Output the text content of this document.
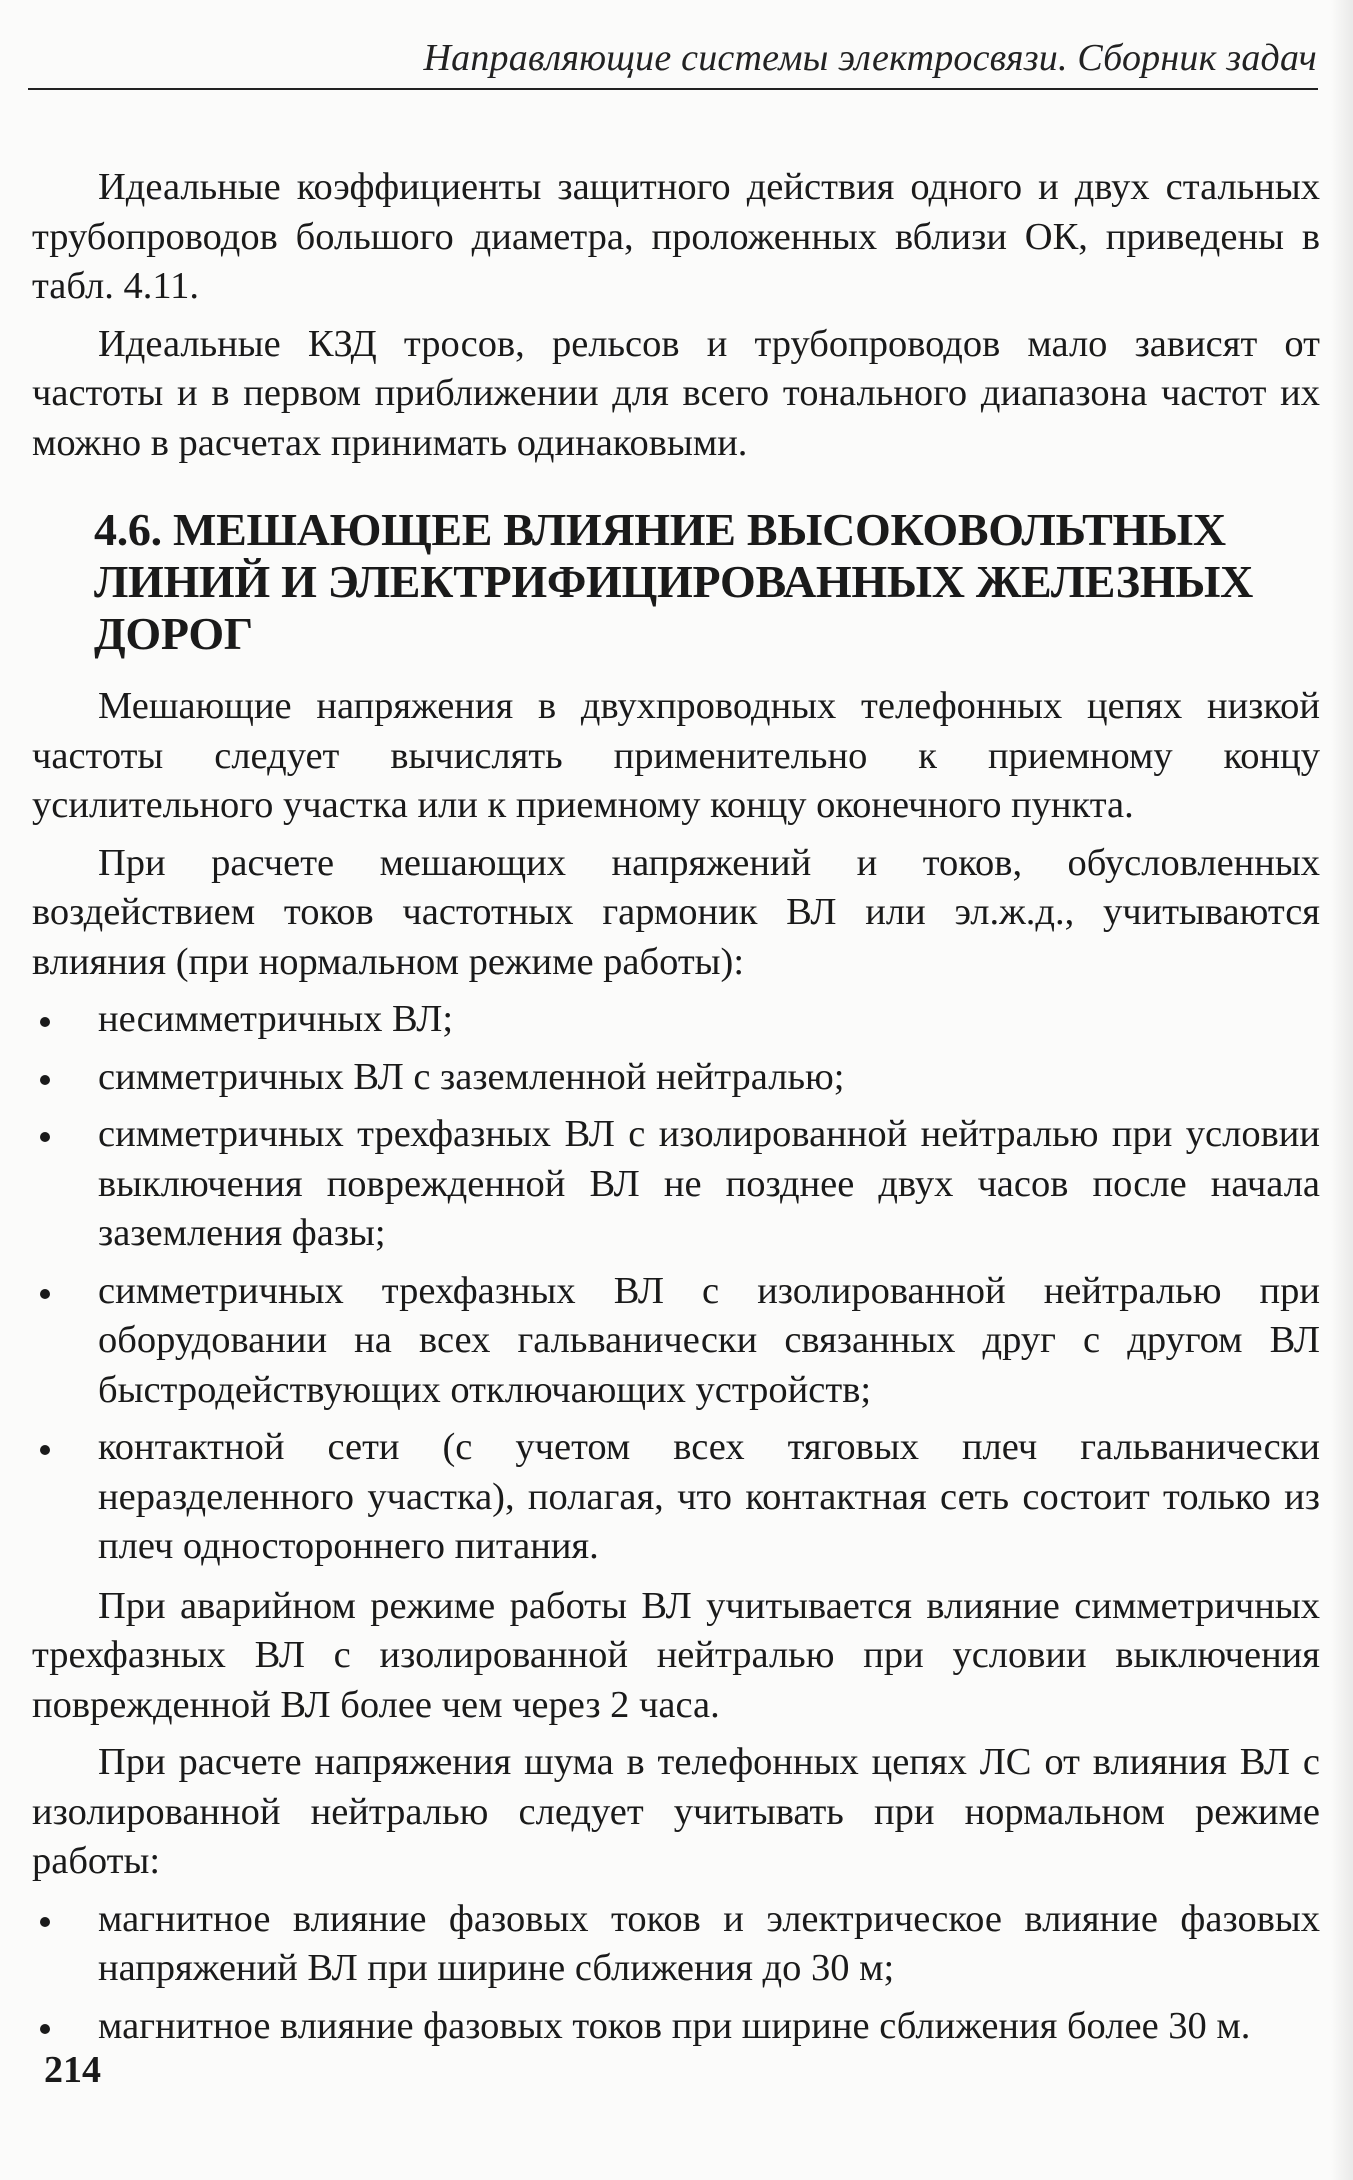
Направляющие системы электросвязи. Сборник задач

Идеальные коэффициенты защитного действия одного и двух стальных трубопроводов большого диаметра, проложенных вблизи ОК, приведены в табл. 4.11.

Идеальные КЗД тросов, рельсов и трубопроводов мало зависят от частоты и в первом приближении для всего тонального диапазона частот их можно в расчетах принимать одинаковыми.

4.6. МЕШАЮЩЕЕ ВЛИЯНИЕ ВЫСОКОВОЛЬТНЫХ ЛИНИЙ И ЭЛЕКТРИФИЦИРОВАННЫХ ЖЕЛЕЗНЫХ ДОРОГ

Мешающие напряжения в двухпроводных телефонных цепях низкой частоты следует вычислять применительно к приемному концу усилительного участка или к приемному концу оконечного пункта.

При расчете мешающих напряжений и токов, обусловленных воздействием токов частотных гармоник ВЛ или эл.ж.д., учитываются влияния (при нормальном режиме работы):

несимметричных ВЛ;
симметричных ВЛ с заземленной нейтралью;
симметричных трехфазных ВЛ с изолированной нейтралью при условии выключения поврежденной ВЛ не позднее двух часов после начала заземления фазы;
симметричных трехфазных ВЛ с изолированной нейтралью при оборудовании на всех гальванически связанных друг с другом ВЛ быстродействующих отключающих устройств;
контактной сети (с учетом всех тяговых плеч гальванически неразделенного участка), полагая, что контактная сеть состоит только из плеч одностороннего питания.

При аварийном режиме работы ВЛ учитывается влияние симметричных трехфазных ВЛ с изолированной нейтралью при условии выключения поврежденной ВЛ более чем через 2 часа.

При расчете напряжения шума в телефонных цепях ЛС от влияния ВЛ с изолированной нейтралью следует учитывать при нормальном режиме работы:

магнитное влияние фазовых токов и электрическое влияние фазовых напряжений ВЛ при ширине сближения до 30 м;
магнитное влияние фазовых токов при ширине сближения более 30 м.
214
